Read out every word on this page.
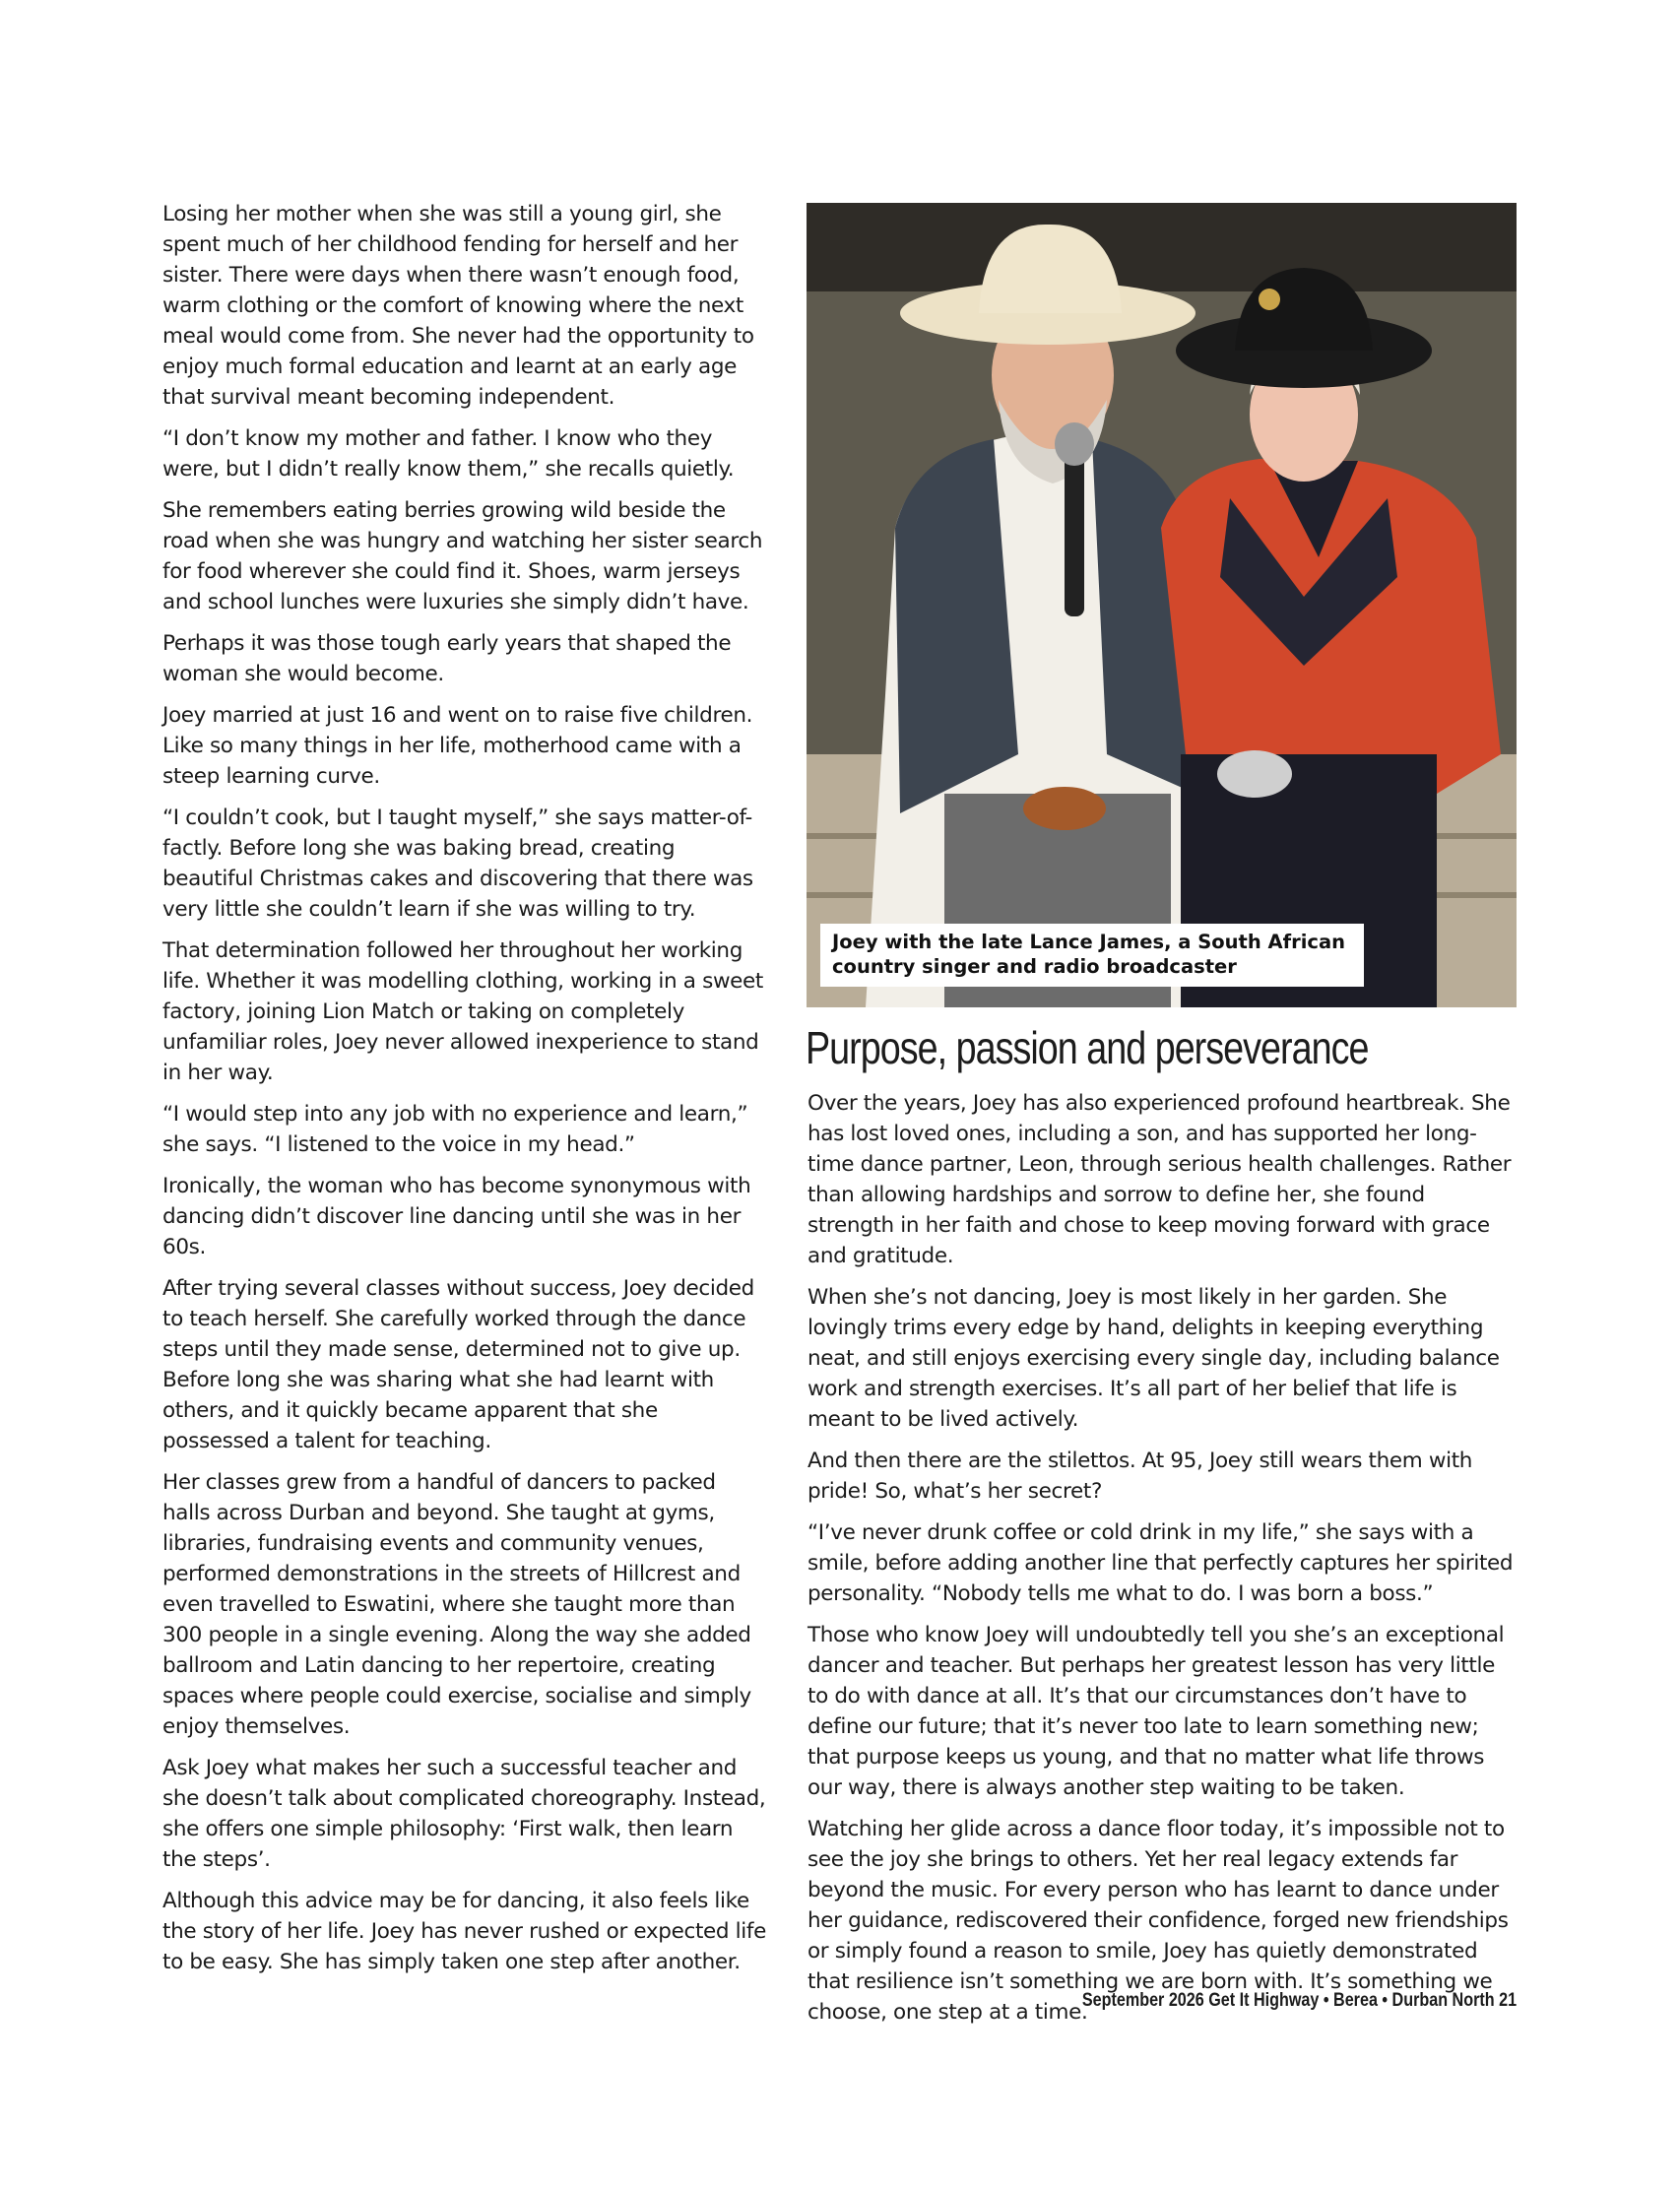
Losing her mother when she was still a young girl, she spent much of her childhood fending for herself and her sister. There were days when there wasn’t enough food, warm clothing or the comfort of knowing where the next meal would come from. She never had the opportunity to enjoy much formal education and learnt at an early age that survival meant becoming independent.

“I don’t know my mother and father. I know who they were, but I didn’t really know them,” she recalls quietly.

She remembers eating berries growing wild beside the road when she was hungry and watching her sister search for food wherever she could find it. Shoes, warm jerseys and school lunches were luxuries she simply didn’t have.

Perhaps it was those tough early years that shaped the woman she would become.

Joey married at just 16 and went on to raise five children. Like so many things in her life, motherhood came with a steep learning curve.

“I couldn’t cook, but I taught myself,” she says matter-of-factly. Before long she was baking bread, creating beautiful Christmas cakes and discovering that there was very little she couldn’t learn if she was willing to try.

That determination followed her throughout her working life. Whether it was modelling clothing, working in a sweet factory, joining Lion Match or taking on completely unfamiliar roles, Joey never allowed inexperience to stand in her way.

“I would step into any job with no experience and learn,” she says. “I listened to the voice in my head.”

Ironically, the woman who has become synonymous with dancing didn’t discover line dancing until she was in her 60s.

After trying several classes without success, Joey decided to teach herself. She carefully worked through the dance steps until they made sense, determined not to give up. Before long she was sharing what she had learnt with others, and it quickly became apparent that she possessed a talent for teaching.

Her classes grew from a handful of dancers to packed halls across Durban and beyond. She taught at gyms, libraries, fundraising events and community venues, performed demonstrations in the streets of Hillcrest and even travelled to Eswatini, where she taught more than 300 people in a single evening. Along the way she added ballroom and Latin dancing to her repertoire, creating spaces where people could exercise, socialise and simply enjoy themselves.

Ask Joey what makes her such a successful teacher and she doesn’t talk about complicated choreography. Instead, she offers one simple philosophy: ‘First walk, then learn the steps’.

Although this advice may be for dancing, it also feels like the story of her life. Joey has never rushed or expected life to be easy. She has simply taken one step after another.

Joey with the late Lance James, a South African country singer and radio broadcaster
Purpose, passion and perseverance

Over the years, Joey has also experienced profound heartbreak. She has lost loved ones, including a son, and has supported her long-time dance partner, Leon, through serious health challenges. Rather than allowing hardships and sorrow to define her, she found strength in her faith and chose to keep moving forward with grace and gratitude.

When she’s not dancing, Joey is most likely in her garden. She lovingly trims every edge by hand, delights in keeping everything neat, and still enjoys exercising every single day, including balance work and strength exercises. It’s all part of her belief that life is meant to be lived actively.

And then there are the stilettos. At 95, Joey still wears them with pride! So, what’s her secret?

“I’ve never drunk coffee or cold drink in my life,” she says with a smile, before adding another line that perfectly captures her spirited personality. “Nobody tells me what to do. I was born a boss.”

Those who know Joey will undoubtedly tell you she’s an exceptional dancer and teacher. But perhaps her greatest lesson has very little to do with dance at all. It’s that our circumstances don’t have to define our future; that it’s never too late to learn something new; that purpose keeps us young, and that no matter what life throws our way, there is always another step waiting to be taken.

Watching her glide across a dance floor today, it’s impossible not to see the joy she brings to others. Yet her real legacy extends far beyond the music. For every person who has learnt to dance under her guidance, rediscovered their confidence, forged new friendships or simply found a reason to smile, Joey has quietly demonstrated that resilience isn’t something we are born with. It’s something we choose, one step at a time.

September 2026 Get It Highway • Berea • Durban North 21
